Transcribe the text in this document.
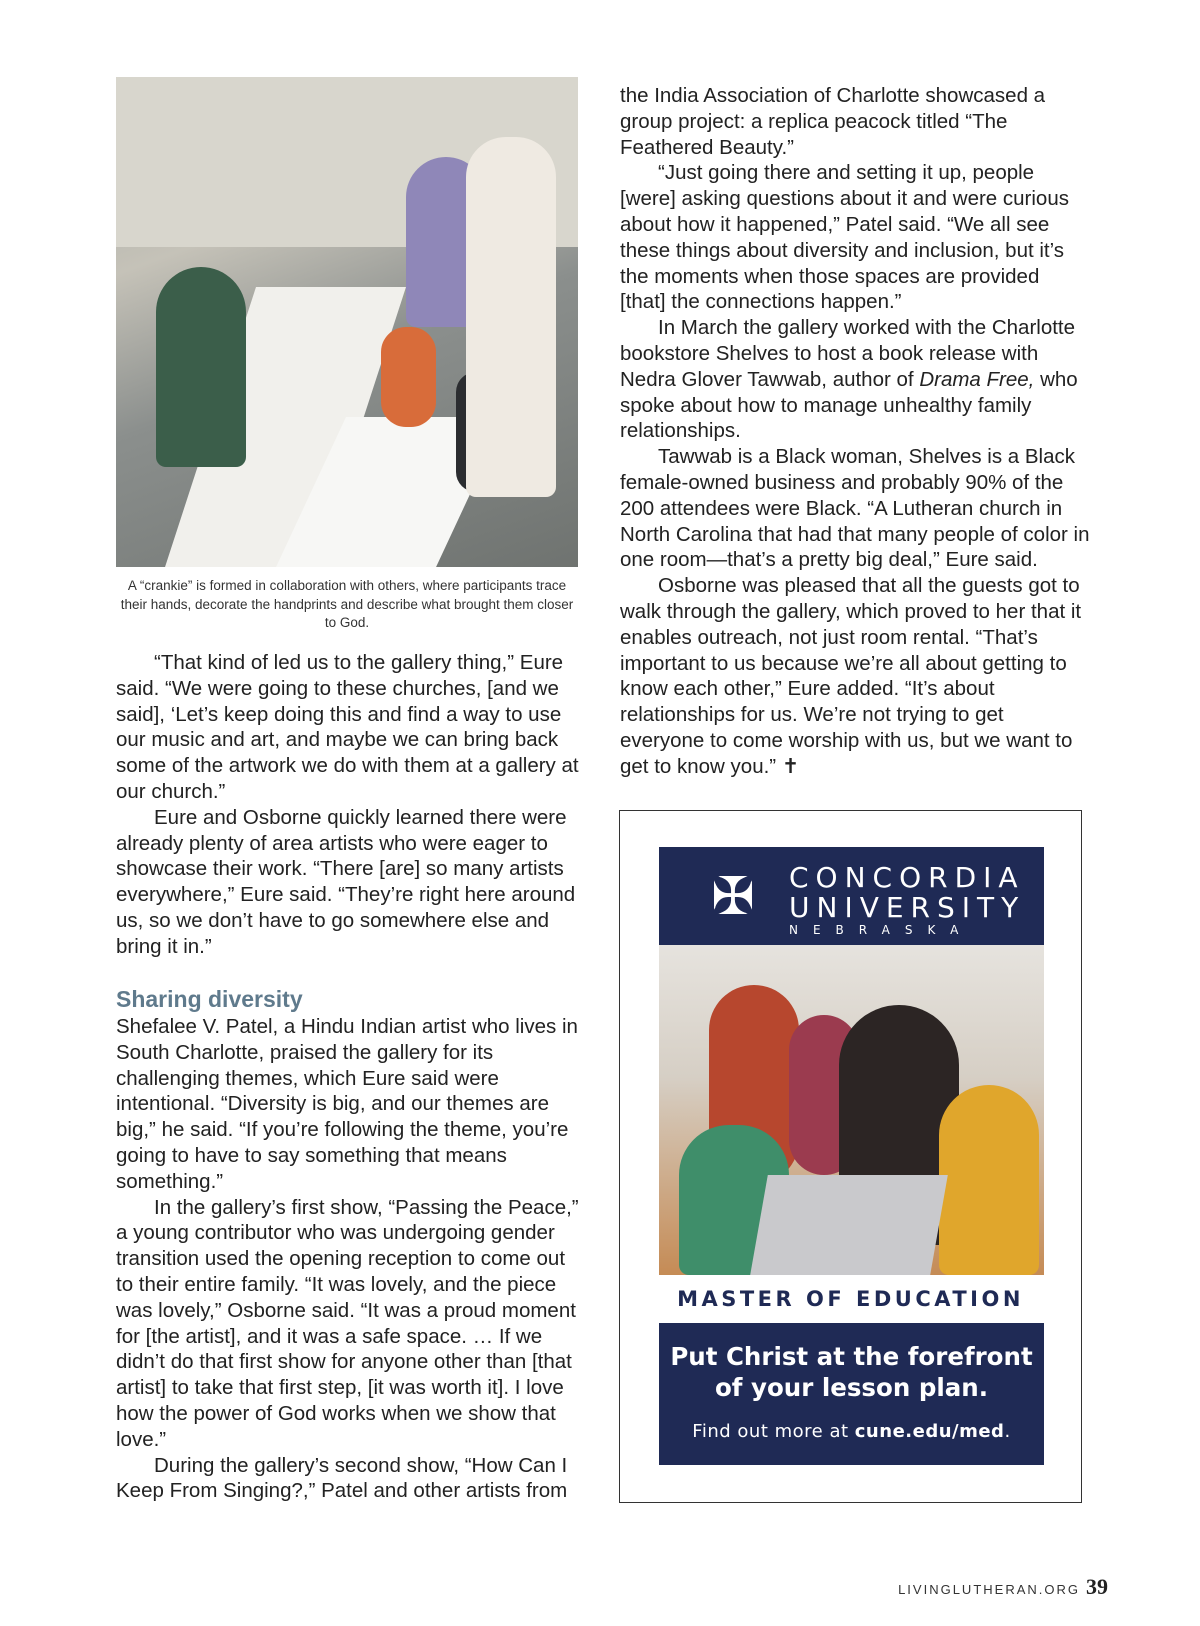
A “crankie” is formed in collaboration with others, where participants trace their hands, decorate the handprints and describe what brought them closer to God.

“That kind of led us to the gallery thing,” Eure said. “We were going to these churches, [and we said], ‘Let’s keep doing this and find a way to use our music and art, and maybe we can bring back some of the artwork we do with them at a gallery at our church.”

Eure and Osborne quickly learned there were already plenty of area artists who were eager to showcase their work. “There [are] so many artists everywhere,” Eure said. “They’re right here around us, so we don’t have to go somewhere else and bring it in.”

Sharing diversity

Shefalee V. Patel, a Hindu Indian artist who lives in South Charlotte, praised the gallery for its challenging themes, which Eure said were intentional. “Diversity is big, and our themes are big,” he said. “If you’re following the theme, you’re going to have to say something that means something.”

In the gallery’s first show, “Passing the Peace,” a young contributor who was undergoing gender transition used the opening reception to come out to their entire family. “It was lovely, and the piece was lovely,” Osborne said. “It was a proud moment for [the artist], and it was a safe space. … If we didn’t do that first show for anyone other than [that artist] to take that first step, [it was worth it]. I love how the power of God works when we show that love.”

During the gallery’s second show, “How Can I Keep From Singing?,” Patel and other artists from

the India Association of Charlotte showcased a group project: a replica peacock titled “The Feathered Beauty.”

“Just going there and setting it up, people [were] asking questions about it and were curious about how it happened,” Patel said. “We all see these things about diversity and inclusion, but it’s the moments when those spaces are provided [that] the connections happen.”

In March the gallery worked with the Charlotte bookstore Shelves to host a book release with Nedra Glover Tawwab, author of Drama Free, who spoke about how to manage unhealthy family relationships.

Tawwab is a Black woman, Shelves is a Black female-owned business and probably 90% of the 200 attendees were Black. “A Lutheran church in North Carolina that had that many people of color in one room—that’s a pretty big deal,” Eure said.

Osborne was pleased that all the guests got to walk through the gallery, which proved to her that it enables outreach, not just room rental. “That’s important to us because we’re all about getting to know each other,” Eure added. “It’s about relationships for us. We’re not trying to get everyone to come worship with us, but we want to get to know you.” ✝

✠ CONCORDIA
UNIVERSITY
NEBRASKA
MASTER OF EDUCATION
Put Christ at the forefront
of your lesson plan.
Find out more at cune.edu/med.
LIVINGLUTHERAN.ORG 39
